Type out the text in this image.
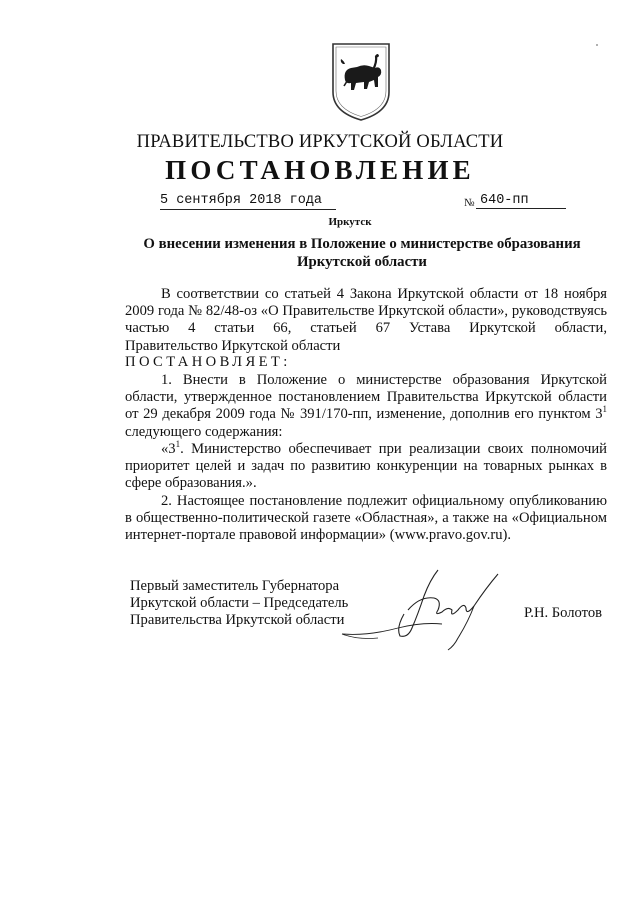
ПРАВИТЕЛЬСТВО ИРКУТСКОЙ ОБЛАСТИ
ПОСТАНОВЛЕНИЕ
5 сентября 2018 года	№ 640-пп
Иркутск
О внесении изменения в Положение о министерстве образования
Иркутской области
В соответствии со статьей 4 Закона Иркутской области от 18 ноября 2009 года № 82/48-оз «О Правительстве Иркутской области», руководствуясь частью 4 статьи 66, статьей 67 Устава Иркутской области,
Правительство Иркутской области
ПОСТАНОВЛЯЕТ:
1. Внести в Положение о министерстве образования Иркутской области, утвержденное постановлением Правительства Иркутской области от 29 декабря 2009 года № 391/170-пп, изменение, дополнив его пунктом $3^1$ следующего содержания:
«$3^1$. Министерство обеспечивает при реализации своих полномочий приоритет целей и задач по развитию конкуренции на товарных рынках в сфере образования.».
2. Настоящее постановление подлежит официальному опубликованию в общественно-политической газете «Областная», а также на «Официальном интернет-портале правовой информации» (www.pravo.gov.ru).
Первый заместитель Губернатора
Иркутской области – Председатель
Правительства Иркутской области	Р.Н. Болотов
